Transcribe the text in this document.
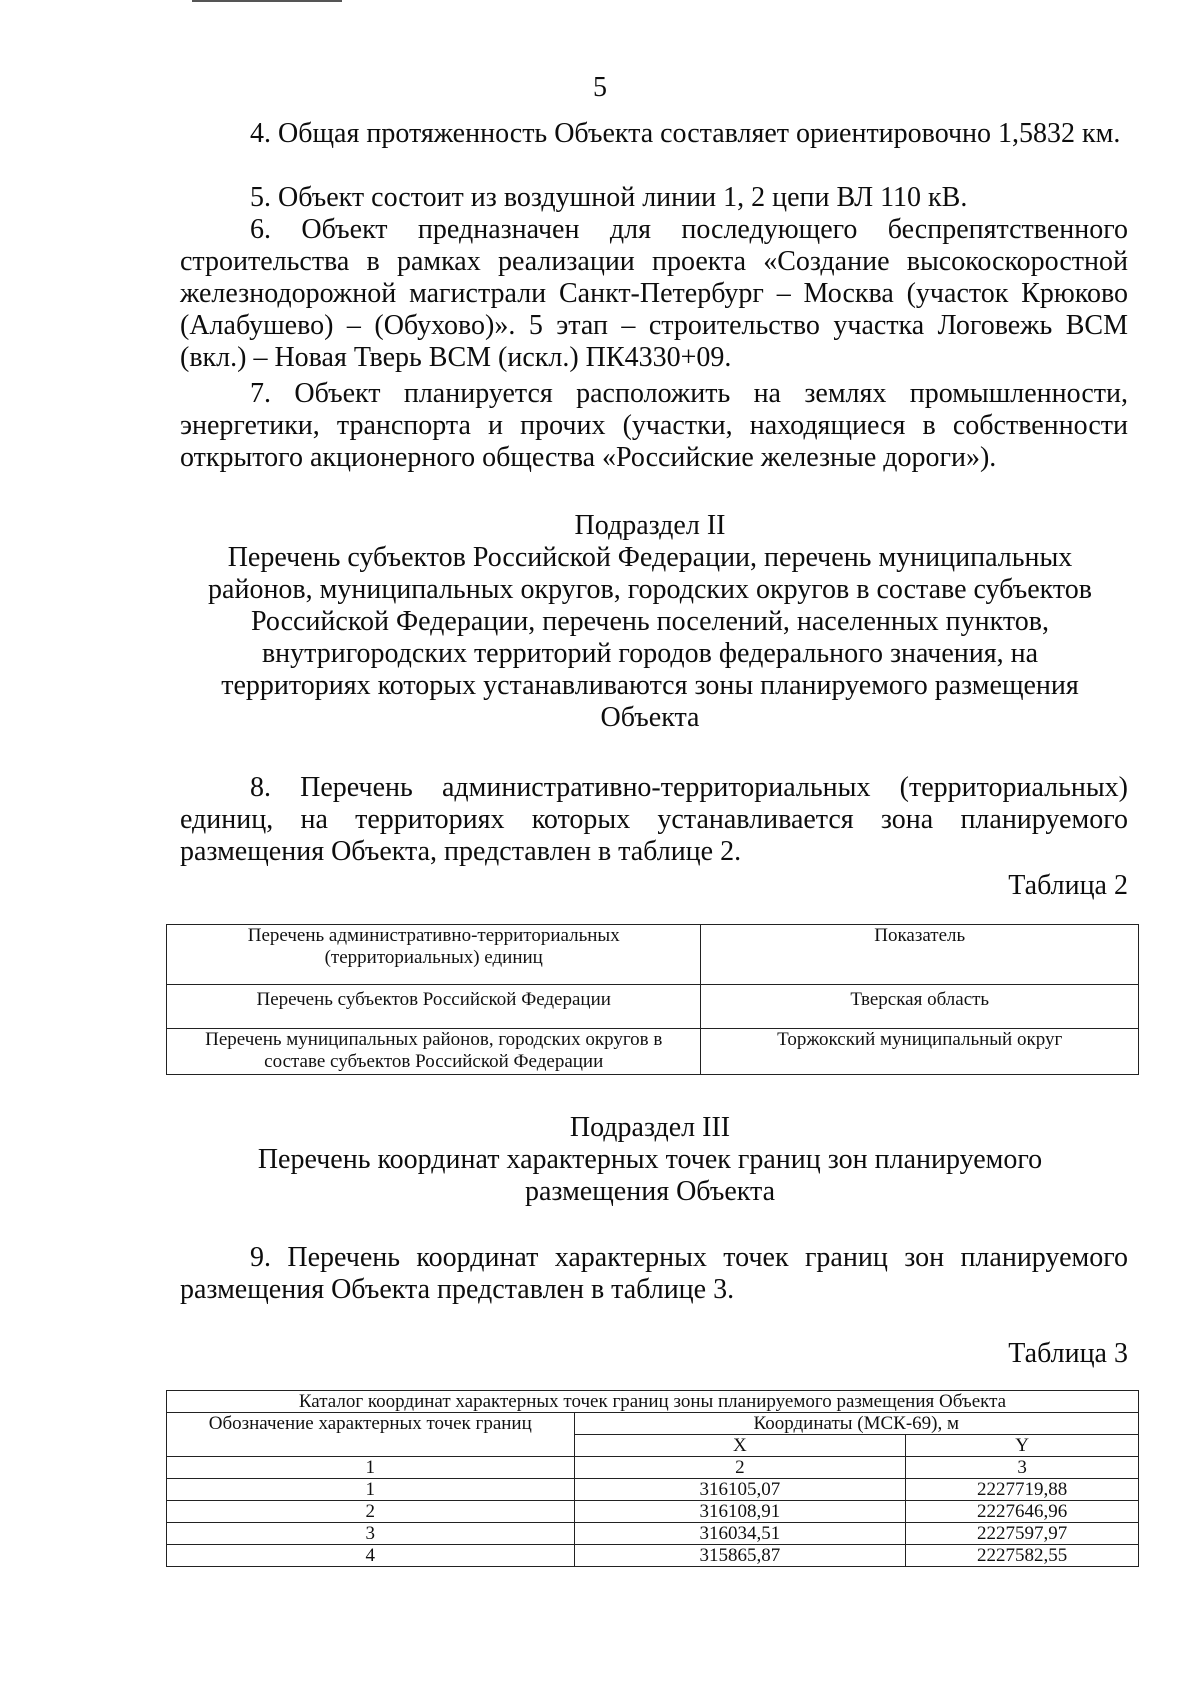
5

4. Общая протяженность Объекта составляет ориентировочно 1,5832 км.

5. Объект состоит из воздушной линии 1, 2 цепи ВЛ 110 кВ.

6. Объект предназначен для последующего беспрепятственного строительства в рамках реализации проекта «Создание высокоскоростной железнодорожной магистрали Санкт-Петербург – Москва (участок Крюково (Алабушево) – (Обухово)». 5 этап – строительство участка Логовежь ВСМ (вкл.) – Новая Тверь ВСМ (искл.) ПК4330+09.

7. Объект планируется расположить на землях промышленности, энергетики, транспорта и прочих (участки, находящиеся в собственности открытого акционерного общества «Российские железные дороги»).

Подраздел II
Перечень субъектов Российской Федерации, перечень муниципальных районов, муниципальных округов, городских округов в составе субъектов Российской Федерации, перечень поселений, населенных пунктов, внутригородских территорий городов федерального значения, на территориях которых устанавливаются зоны планируемого размещения Объекта

8. Перечень административно-территориальных (территориальных) единиц, на территориях которых устанавливается зона планируемого размещения Объекта, представлен в таблице 2.

Таблица 2
Перечень административно-территориальных (территориальных) единиц	Показатель
Перечень субъектов Российской Федерации	Тверская область
Перечень муниципальных районов, городских округов в составе субъектов Российской Федерации	Торжокский муниципальный округ
Подраздел III
Перечень координат характерных точек границ зон планируемого размещения Объекта

9. Перечень координат характерных точек границ зон планируемого размещения Объекта представлен в таблице 3.

Таблица 3
Каталог координат характерных точек границ зоны планируемого размещения Объекта		
Обозначение характерных точек границ	Координаты (МСК-69), м	
	X	Y
1	2	3
1	316105,07	2227719,88
2	316108,91	2227646,96
3	316034,51	2227597,97
4	315865,87	2227582,55
